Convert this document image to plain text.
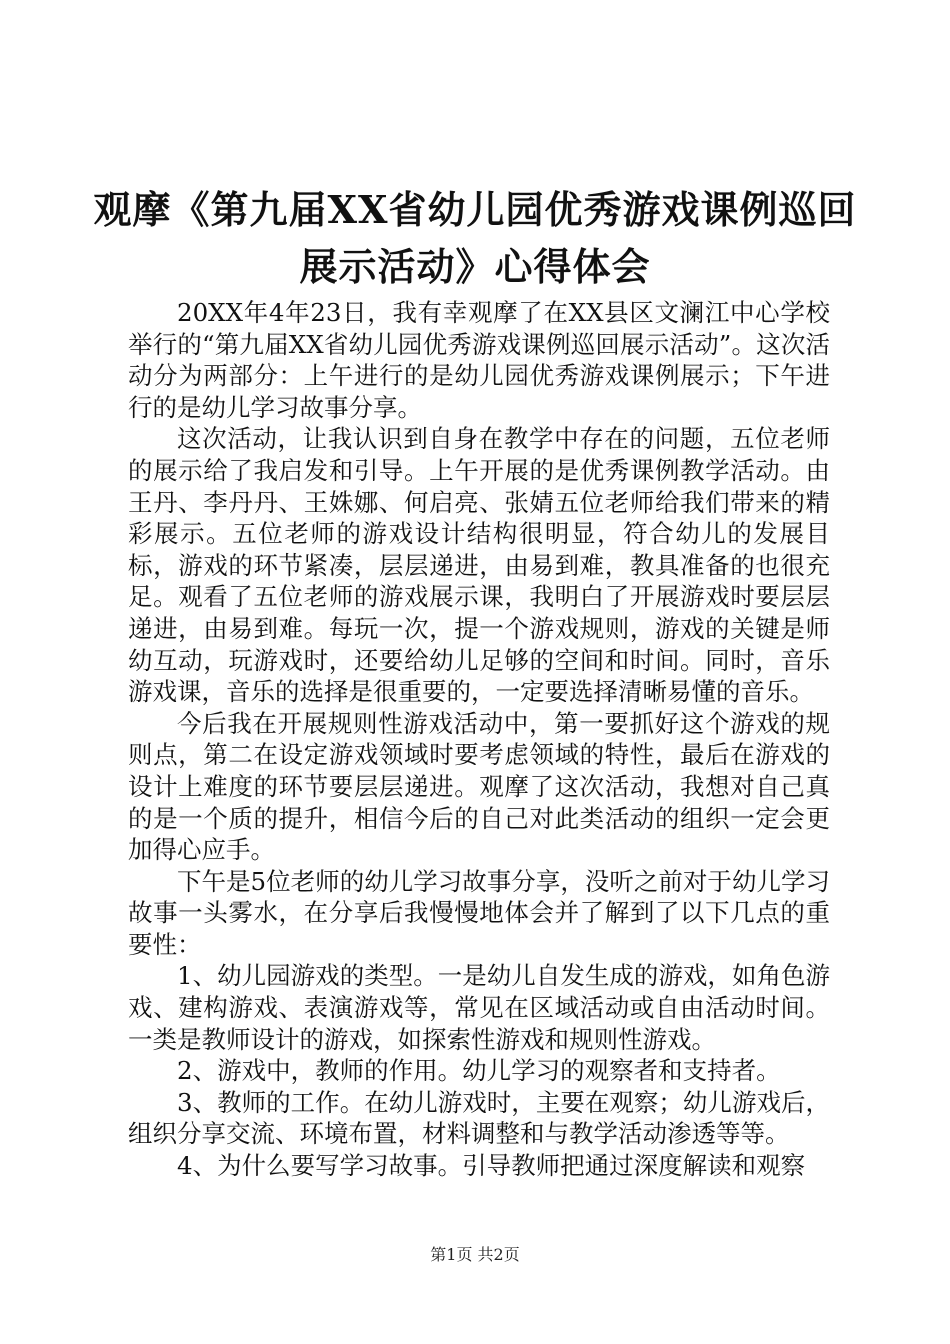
观摩《第九届XX省幼儿园优秀游戏课例巡回
展示活动》心得体会

20XX年4年23日，我有幸观摩了在XX县区文澜江中心学校举行的“第九届XX省幼儿园优秀游戏课例巡回展示活动”。这次活动分为两部分：上午进行的是幼儿园优秀游戏课例展示；下午进行的是幼儿学习故事分享。

这次活动，让我认识到自身在教学中存在的问题，五位老师的展示给了我启发和引导。上午开展的是优秀课例教学活动。由王丹、李丹丹、王姝娜、何启亮、张婧五位老师给我们带来的精彩展示。五位老师的游戏设计结构很明显，符合幼儿的发展目标，游戏的环节紧凑，层层递进，由易到难，教具准备的也很充足。观看了五位老师的游戏展示课，我明白了开展游戏时要层层递进，由易到难。每玩一次，提一个游戏规则，游戏的关键是师幼互动，玩游戏时，还要给幼儿足够的空间和时间。同时，音乐游戏课，音乐的选择是很重要的，一定要选择清晰易懂的音乐。

今后我在开展规则性游戏活动中，第一要抓好这个游戏的规则点，第二在设定游戏领域时要考虑领域的特性，最后在游戏的设计上难度的环节要层层递进。观摩了这次活动，我想对自己真的是一个质的提升，相信今后的自己对此类活动的组织一定会更加得心应手。

下午是5位老师的幼儿学习故事分享，没听之前对于幼儿学习故事一头雾水，在分享后我慢慢地体会并了解到了以下几点的重要性：

1、幼儿园游戏的类型。一是幼儿自发生成的游戏，如角色游戏、建构游戏、表演游戏等，常见在区域活动或自由活动时间。一类是教师设计的游戏，如探索性游戏和规则性游戏。

2、游戏中，教师的作用。幼儿学习的观察者和支持者。

3、教师的工作。在幼儿游戏时，主要在观察；幼儿游戏后，组织分享交流、环境布置，材料调整和与教学活动渗透等等。

4、为什么要写学习故事。引导教师把通过深度解读和观察

第1页 共2页
